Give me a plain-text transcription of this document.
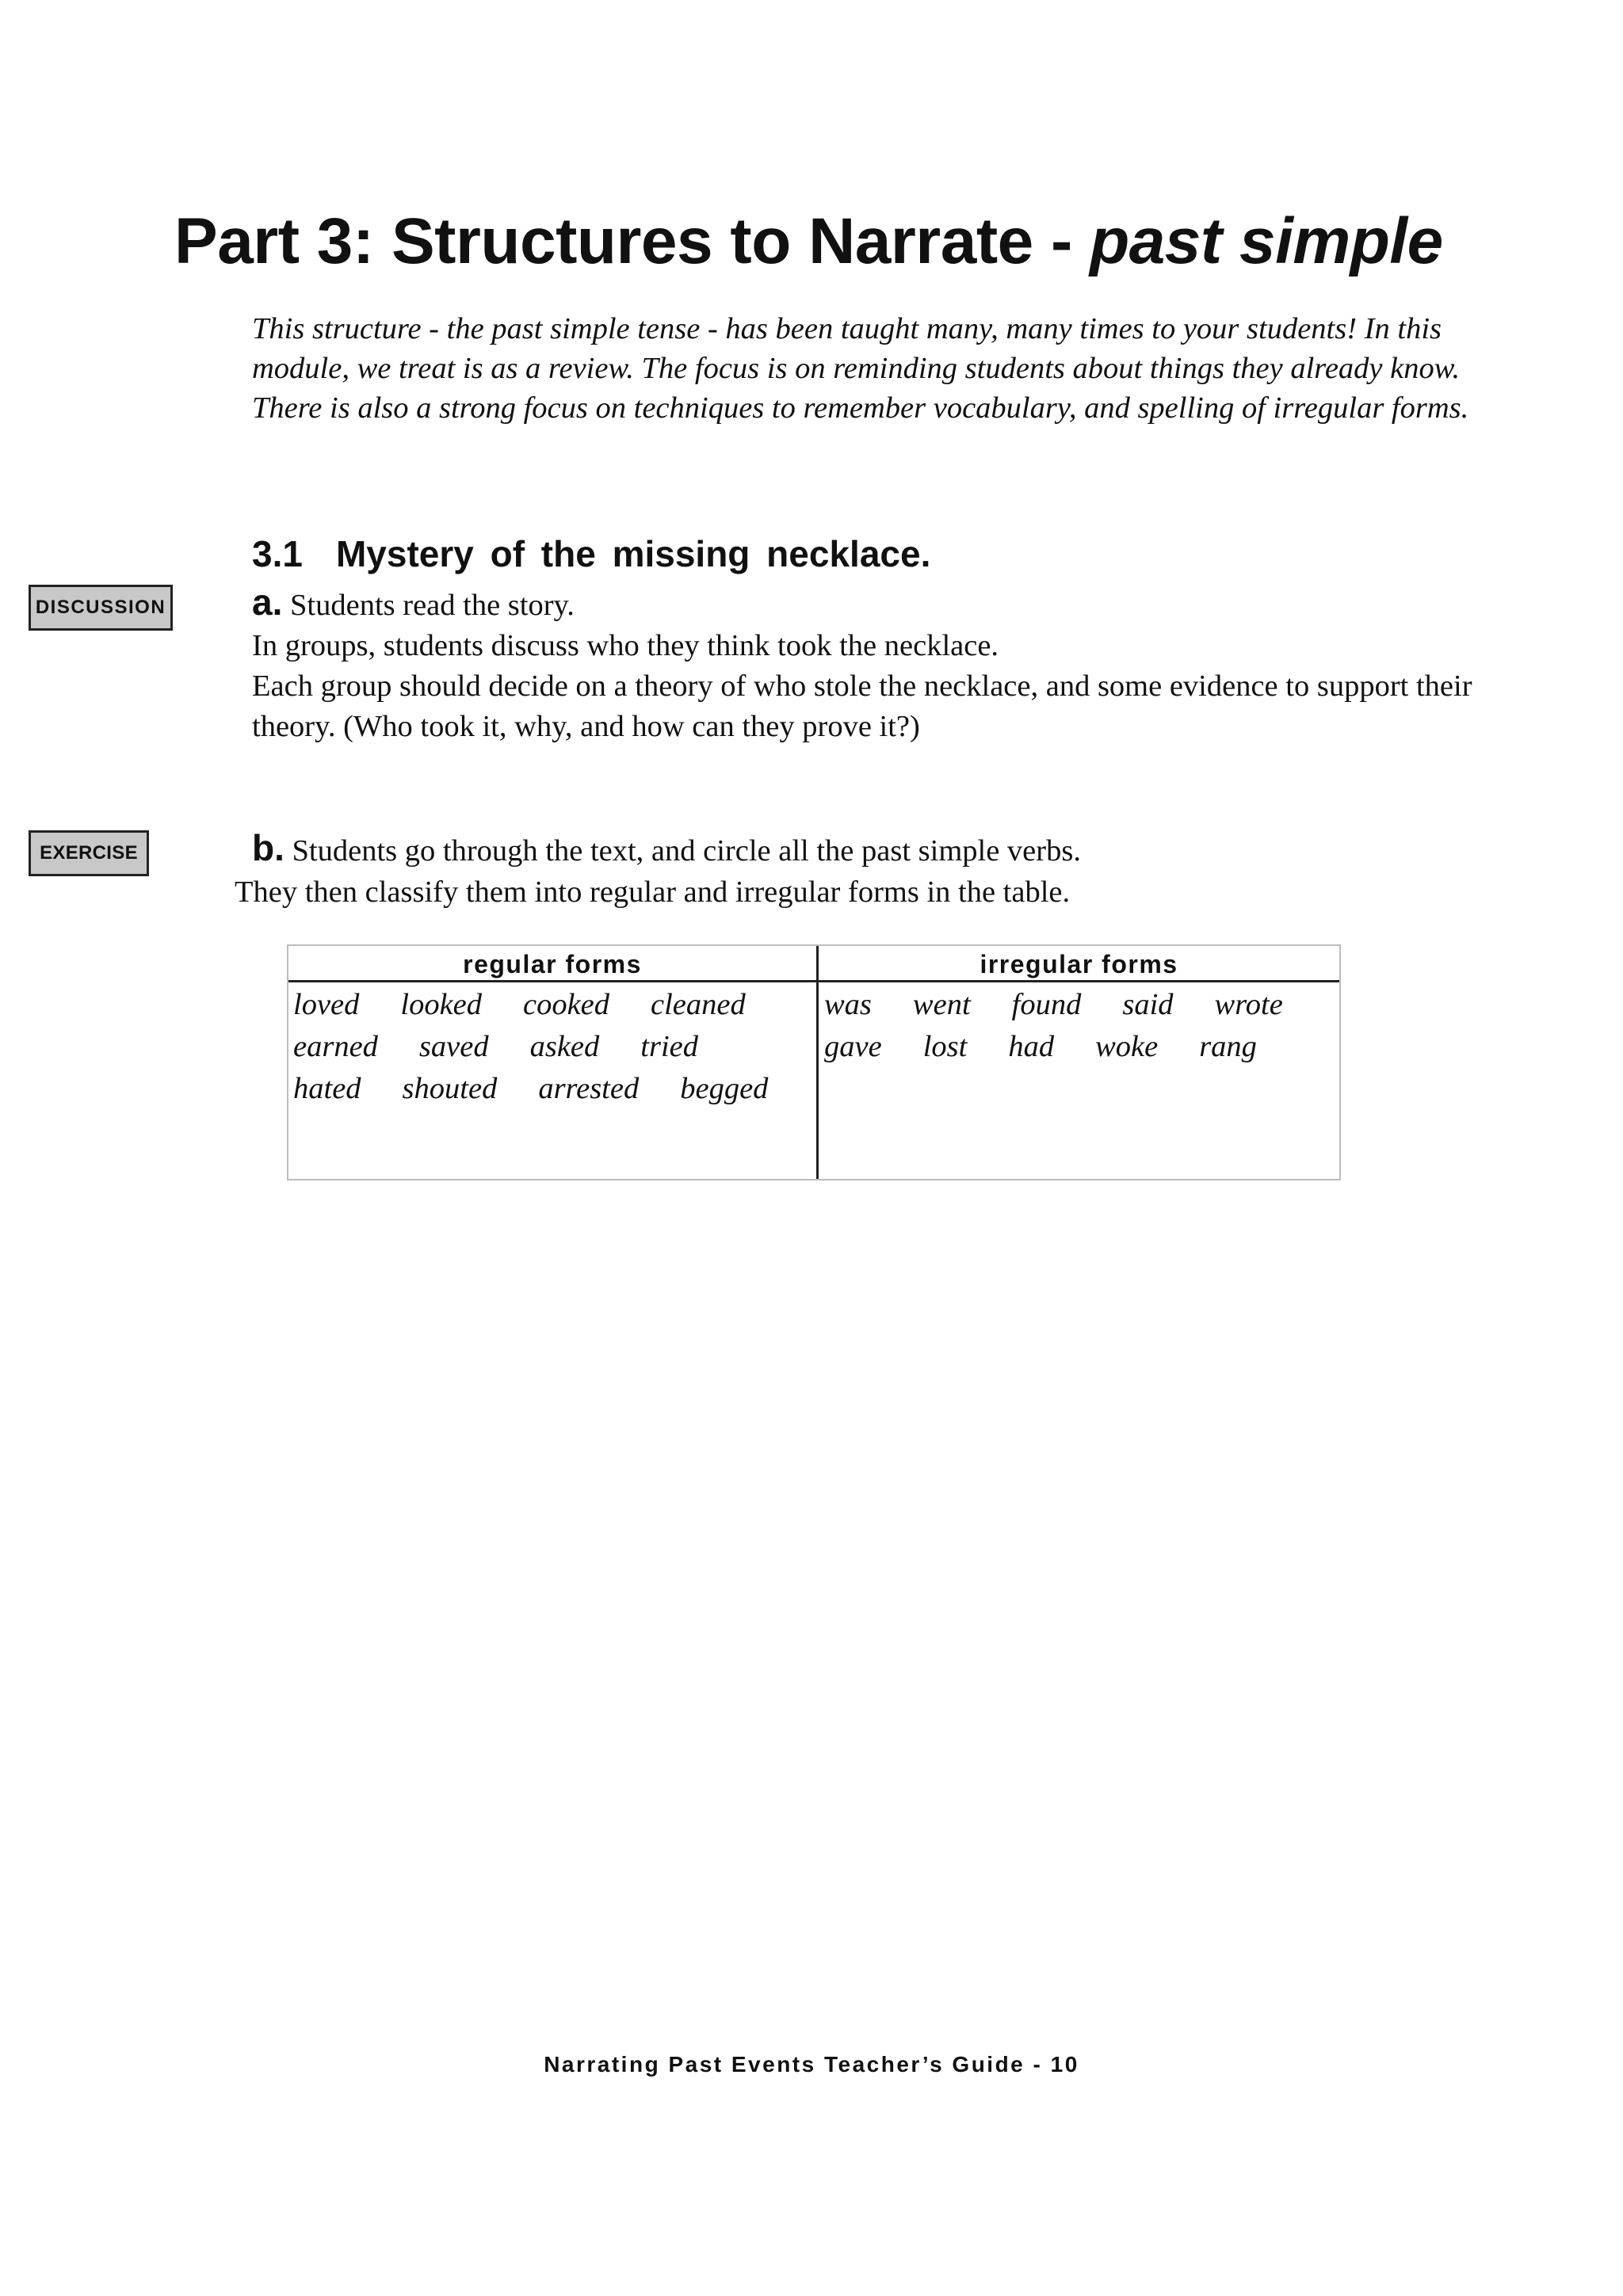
Part 3: Structures to Narrate - past simple

This structure - the past simple tense - has been taught many, many times to your students! In this module, we treat is as a review. The focus is on reminding students about things they already know. There is also a strong focus on techniques to remember vocabulary, and spelling of irregular forms.

DISCUSSION
EXERCISE
3.1 Mystery of the missing necklace.

a. Students read the story.

In groups, students discuss who they think took the necklace.

Each group should decide on a theory of who stole the necklace, and some evidence to support their theory. (Who took it, why, and how can they prove it?)

b. Students go through the text, and circle all the past simple verbs.

They then classify them into regular and irregular forms in the table.

regular forms	irregular forms
loved looked cooked cleaned
earned saved asked tried
hated shouted arrested begged
was went found said wrote
gave lost had woke rang
Narrating Past Events Teacher’s Guide - 10
